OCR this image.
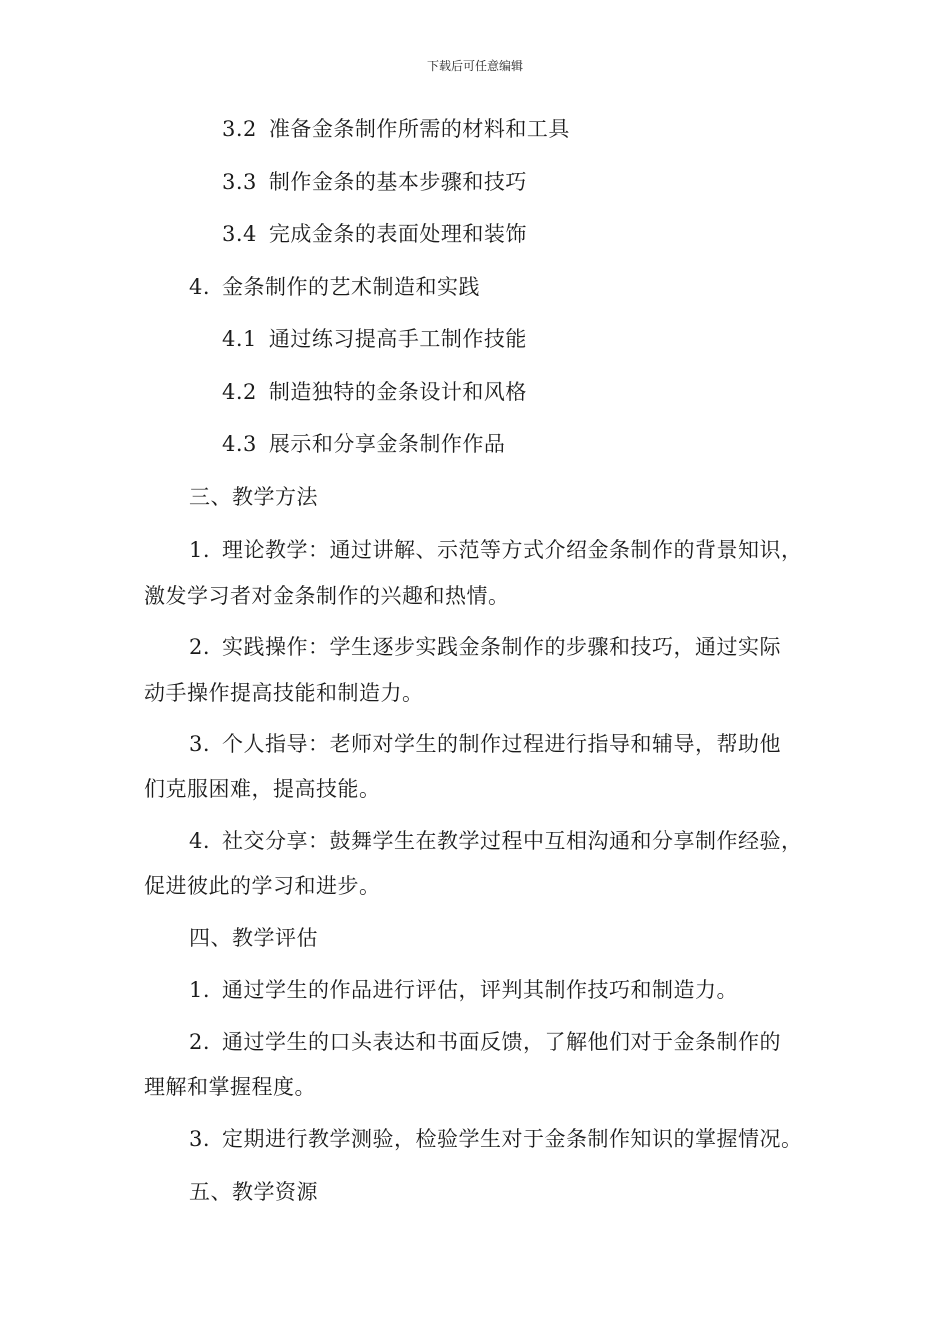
下载后可任意编辑
3.2 准备金条制作所需的材料和工具
3.3 制作金条的基本步骤和技巧
3.4 完成金条的表面处理和装饰
4. 金条制作的艺术制造和实践
4.1 通过练习提高手工制作技能
4.2 制造独特的金条设计和风格
4.3 展示和分享金条制作作品
三、教学方法
1. 理论教学：通过讲解、示范等方式介绍金条制作的背景知识，
激发学习者对金条制作的兴趣和热情。
2. 实践操作：学生逐步实践金条制作的步骤和技巧，通过实际
动手操作提高技能和制造力。
3. 个人指导：老师对学生的制作过程进行指导和辅导，帮助他
们克服困难，提高技能。
4. 社交分享：鼓舞学生在教学过程中互相沟通和分享制作经验，
促进彼此的学习和进步。
四、教学评估
1. 通过学生的作品进行评估，评判其制作技巧和制造力。
2. 通过学生的口头表达和书面反馈，了解他们对于金条制作的
理解和掌握程度。
3. 定期进行教学测验，检验学生对于金条制作知识的掌握情况。
五、教学资源
